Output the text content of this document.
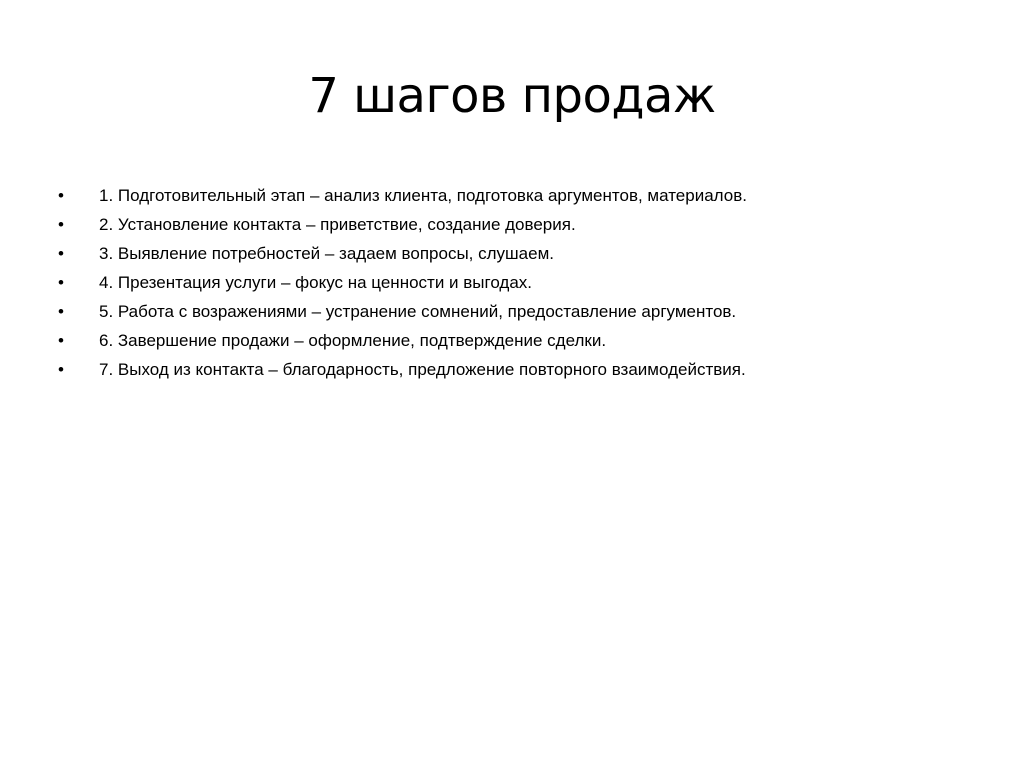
7 шагов продаж
•	1. Подготовительный этап – анализ клиента, подготовка аргументов, материалов.
•	2. Установление контакта – приветствие, создание доверия.
•	3. Выявление потребностей – задаем вопросы, слушаем.
•	4. Презентация услуги – фокус на ценности и выгодах.
•	5. Работа с возражениями – устранение сомнений, предоставление аргументов.
•	6. Завершение продажи – оформление, подтверждение сделки.
•	7. Выход из контакта – благодарность, предложение повторного взаимодействия.
